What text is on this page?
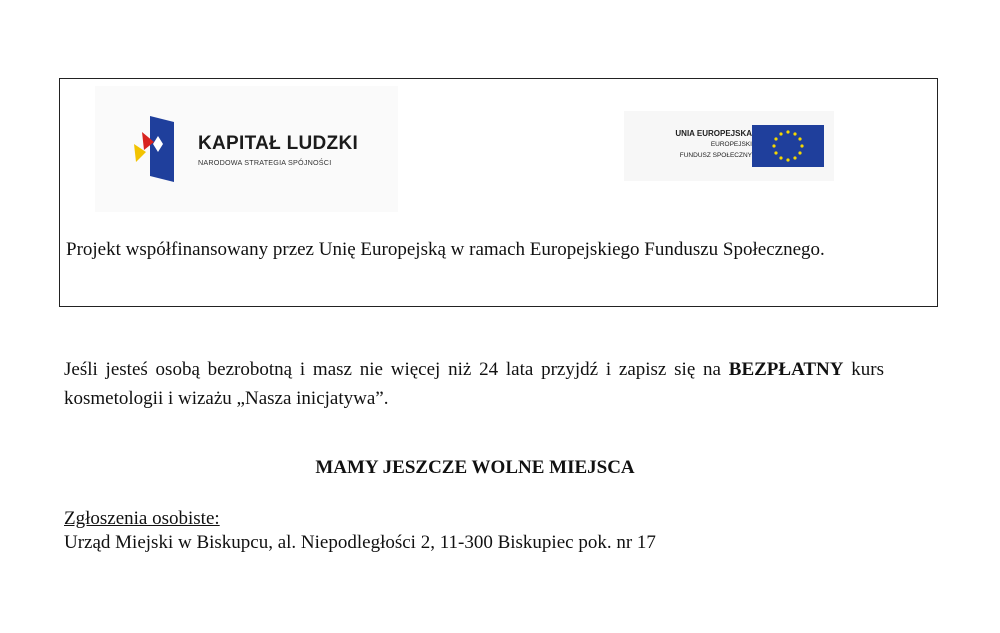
KAPITAŁ LUDZKI
NARODOWA STRATEGIA SPÓJNOŚCI
UNIA EUROPEJSKA
EUROPEJSKI
FUNDUSZ SPOŁECZNY
Projekt współfinansowany przez Unię Europejską w ramach Europejskiego Funduszu Społecznego.
Jeśli jesteś osobą bezrobotną i masz nie więcej niż 24 lata przyjdź i zapisz się na BEZPŁATNY kurs kosmetologii i wizażu „Nasza inicjatywa”.
MAMY JESZCZE WOLNE MIEJSCA
Zgłoszenia osobiste:
Urząd Miejski w Biskupcu, al. Niepodległości 2, 11-300 Biskupiec pok. nr 17
